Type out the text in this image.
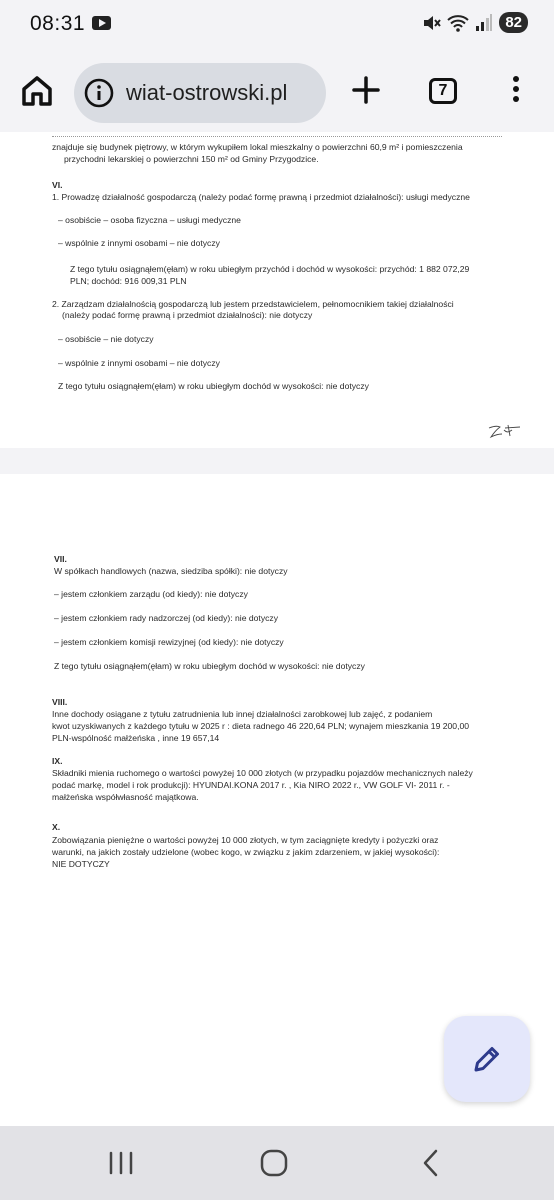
08:31	82
wiat-ostrowski.pl	7
znajduje się budynek piętrowy, w którym wykupiłem lokal mieszkalny o powierzchni 60,9 m² i pomieszczenia
przychodni lekarskiej o powierzchni 150 m² od Gminy Przygodzice.
VI.
1. Prowadzę działalność gospodarczą (należy podać formę prawną i przedmiot działalności): usługi medyczne
– osobiście – osoba fizyczna – usługi medyczne
– wspólnie z innymi osobami – nie dotyczy
Z tego tytułu osiągnąłem(ęłam) w roku ubiegłym przychód i dochód w wysokości: przychód: 1 882 072,29
PLN; dochód: 916 009,31 PLN
2. Zarządzam działalnością gospodarczą lub jestem przedstawicielem, pełnomocnikiem takiej działalności
(należy podać formę prawną i przedmiot działalności): nie dotyczy
– osobiście – nie dotyczy
– wspólnie z innymi osobami – nie dotyczy
Z tego tytułu osiągnąłem(ęłam) w roku ubiegłym dochód w wysokości: nie dotyczy
VII.
W spółkach handlowych (nazwa, siedziba spółki): nie dotyczy
– jestem członkiem zarządu (od kiedy): nie dotyczy
– jestem członkiem rady nadzorczej (od kiedy): nie dotyczy
– jestem członkiem komisji rewizyjnej (od kiedy): nie dotyczy
Z tego tytułu osiągnąłem(ęłam) w roku ubiegłym dochód w wysokości: nie dotyczy
VIII.
Inne dochody osiągane z tytułu zatrudnienia lub innej działalności zarobkowej lub zajęć, z podaniem
kwot uzyskiwanych z każdego tytułu w 2025 r : dieta radnego 46 220,64 PLN; wynajem mieszkania 19 200,00
PLN-wspólność małżeńska , inne 19 657,14
IX.
Składniki mienia ruchomego o wartości powyżej 10 000 złotych (w przypadku pojazdów mechanicznych należy
podać markę, model i rok produkcji): HYUNDAI.KONA 2017 r. , Kia NIRO 2022 r., VW GOLF VI- 2011 r. -
małżeńska współwłasność majątkowa.
X.
Zobowiązania pieniężne o wartości powyżej 10 000 złotych, w tym zaciągnięte kredyty i pożyczki oraz
warunki, na jakich zostały udzielone (wobec kogo, w związku z jakim zdarzeniem, w jakiej wysokości):
NIE DOTYCZY
